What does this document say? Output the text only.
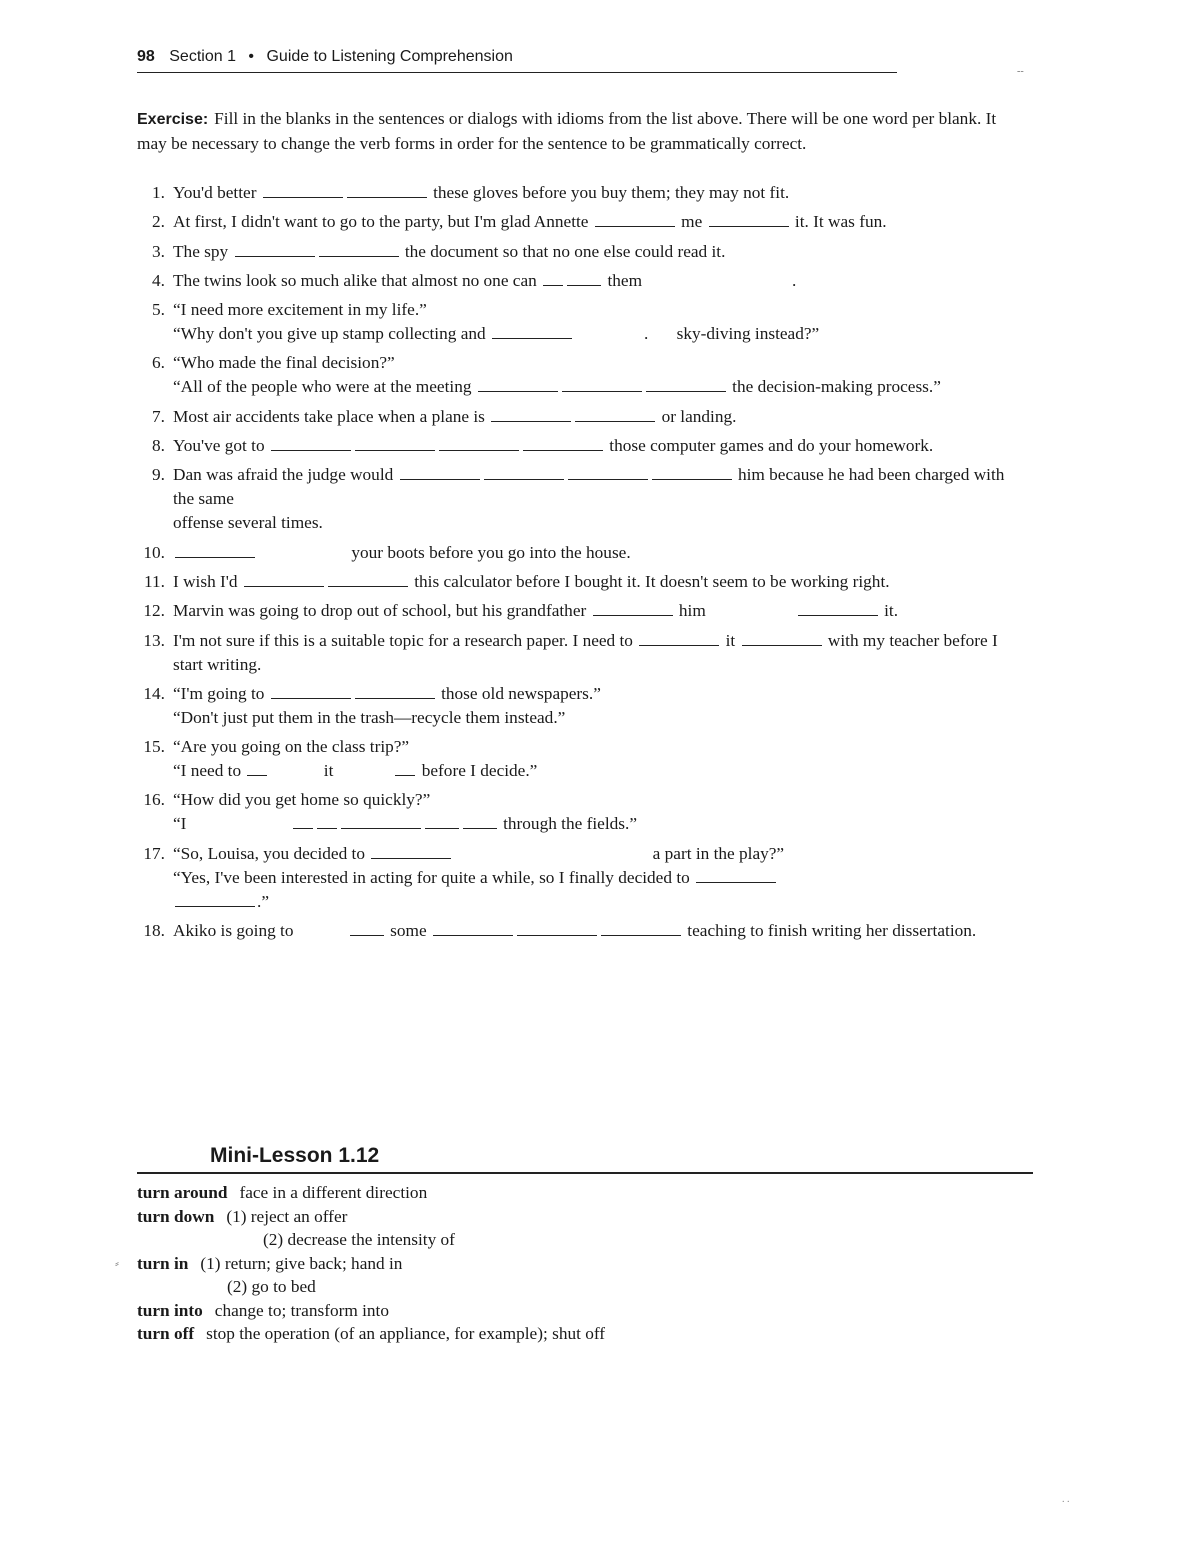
98 Section 1 • Guide to Listening Comprehension
--
Exercise: Fill in the blanks in the sentences or dialogs with idioms from the list above. There will be one word per blank. It may be necessary to change the verb forms in order for the sentence to be grammatically correct.
1. You'd better	these gloves before you buy them; they may not fit.
2. At first, I didn't want to go to the party, but I'm glad Annette	me	it. It was fun.
3. The spy	the document so that no one else could read it.
4. The twins look so much alike that almost no one can	them	.
5. “I need more excitement in my life.”
“Why don't you give up stamp collecting and	. sky-diving instead?”
6. “Who made the final decision?”
“All of the people who were at the meeting	the decision-making process.”
7. Most air accidents take place when a plane is	or landing.
8. You've got to	those computer games and do your homework.
9. Dan was afraid the judge would	him because he had been charged with the same
offense several times.
10.	your boots before you go into the house.
11. I wish I'd	this calculator before I bought it. It doesn't seem to be working right.
12. Marvin was going to drop out of school, but his grandfather	him	it.
13. I'm not sure if this is a suitable topic for a research paper. I need to	it	with my teacher before I start writing.
14. “I'm going to	those old newspapers.”
“Don't just put them in the trash—recycle them instead.”
15. “Are you going on the class trip?”
“I need to	it	before I decide.”
16. “How did you get home so quickly?”
“I	through the fields.”
17. “So, Louisa, you decided to	a part in the play?”
“Yes, I've been interested in acting for quite a while, so I finally decided to
.”
18. Akiko is going to	some	teaching to finish writing her dissertation.
Mini-Lesson 1.12
turn around face in a different direction
turn down (1) reject an offer
(2) decrease the intensity of
⸗ turn in (1) return; give back; hand in
(2) go to bed
turn into change to; transform into
turn off stop the operation (of an appliance, for example); shut off
. .
